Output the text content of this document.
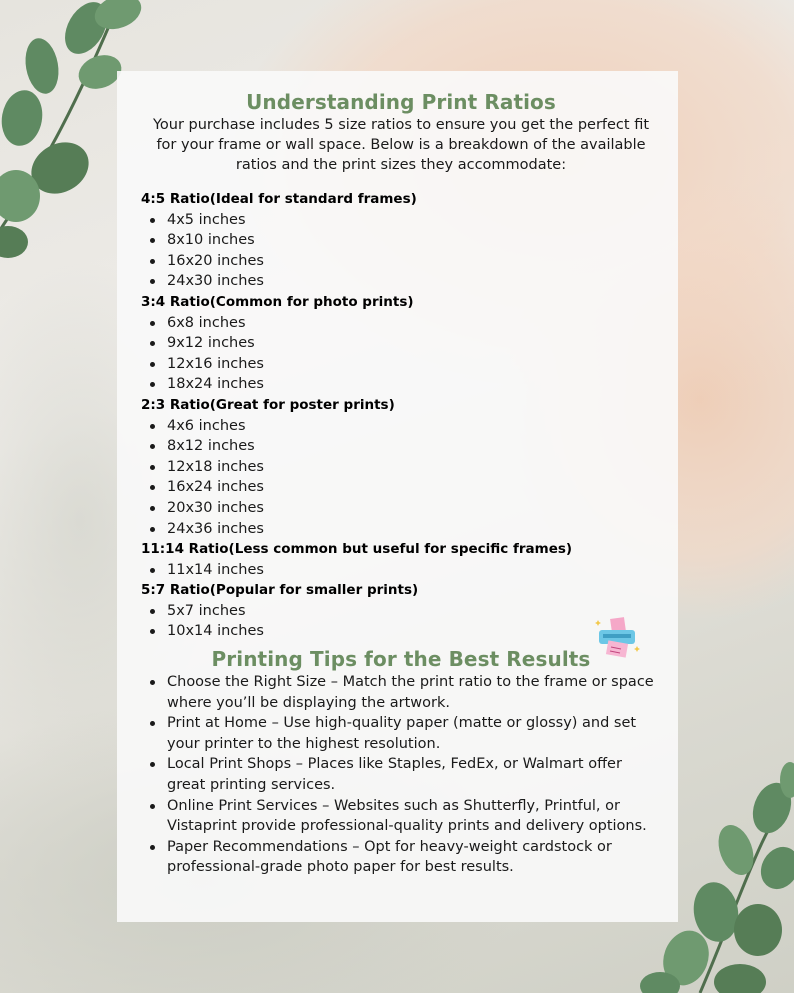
Understanding Print Ratios

Your purchase includes 5 size ratios to ensure you get the perfect fit for your frame or wall space. Below is a breakdown of the available ratios and the print sizes they accommodate:

4:5 Ratio(Ideal for standard frames)

4x5 inches
8x10 inches
16x20 inches
24x30 inches

3:4 Ratio(Common for photo prints)

6x8 inches
9x12 inches
12x16 inches
18x24 inches

2:3 Ratio(Great for poster prints)

4x6 inches
8x12 inches
12x18 inches
16x24 inches
20x30 inches
24x36 inches

11:14 Ratio(Less common but useful for specific frames)

11x14 inches

5:7 Ratio(Popular for smaller prints)

5x7 inches
10x14 inches
Printing Tips for the Best Results
Choose the Right Size – Match the print ratio to the frame or space where you’ll be displaying the artwork.
Print at Home – Use high-quality paper (matte or glossy) and set your printer to the highest resolution.
Local Print Shops – Places like Staples, FedEx, or Walmart offer great printing services.
Online Print Services – Websites such as Shutterfly, Printful, or Vistaprint provide professional-quality prints and delivery options.
Paper Recommendations – Opt for heavy-weight cardstock or professional-grade photo paper for best results.
